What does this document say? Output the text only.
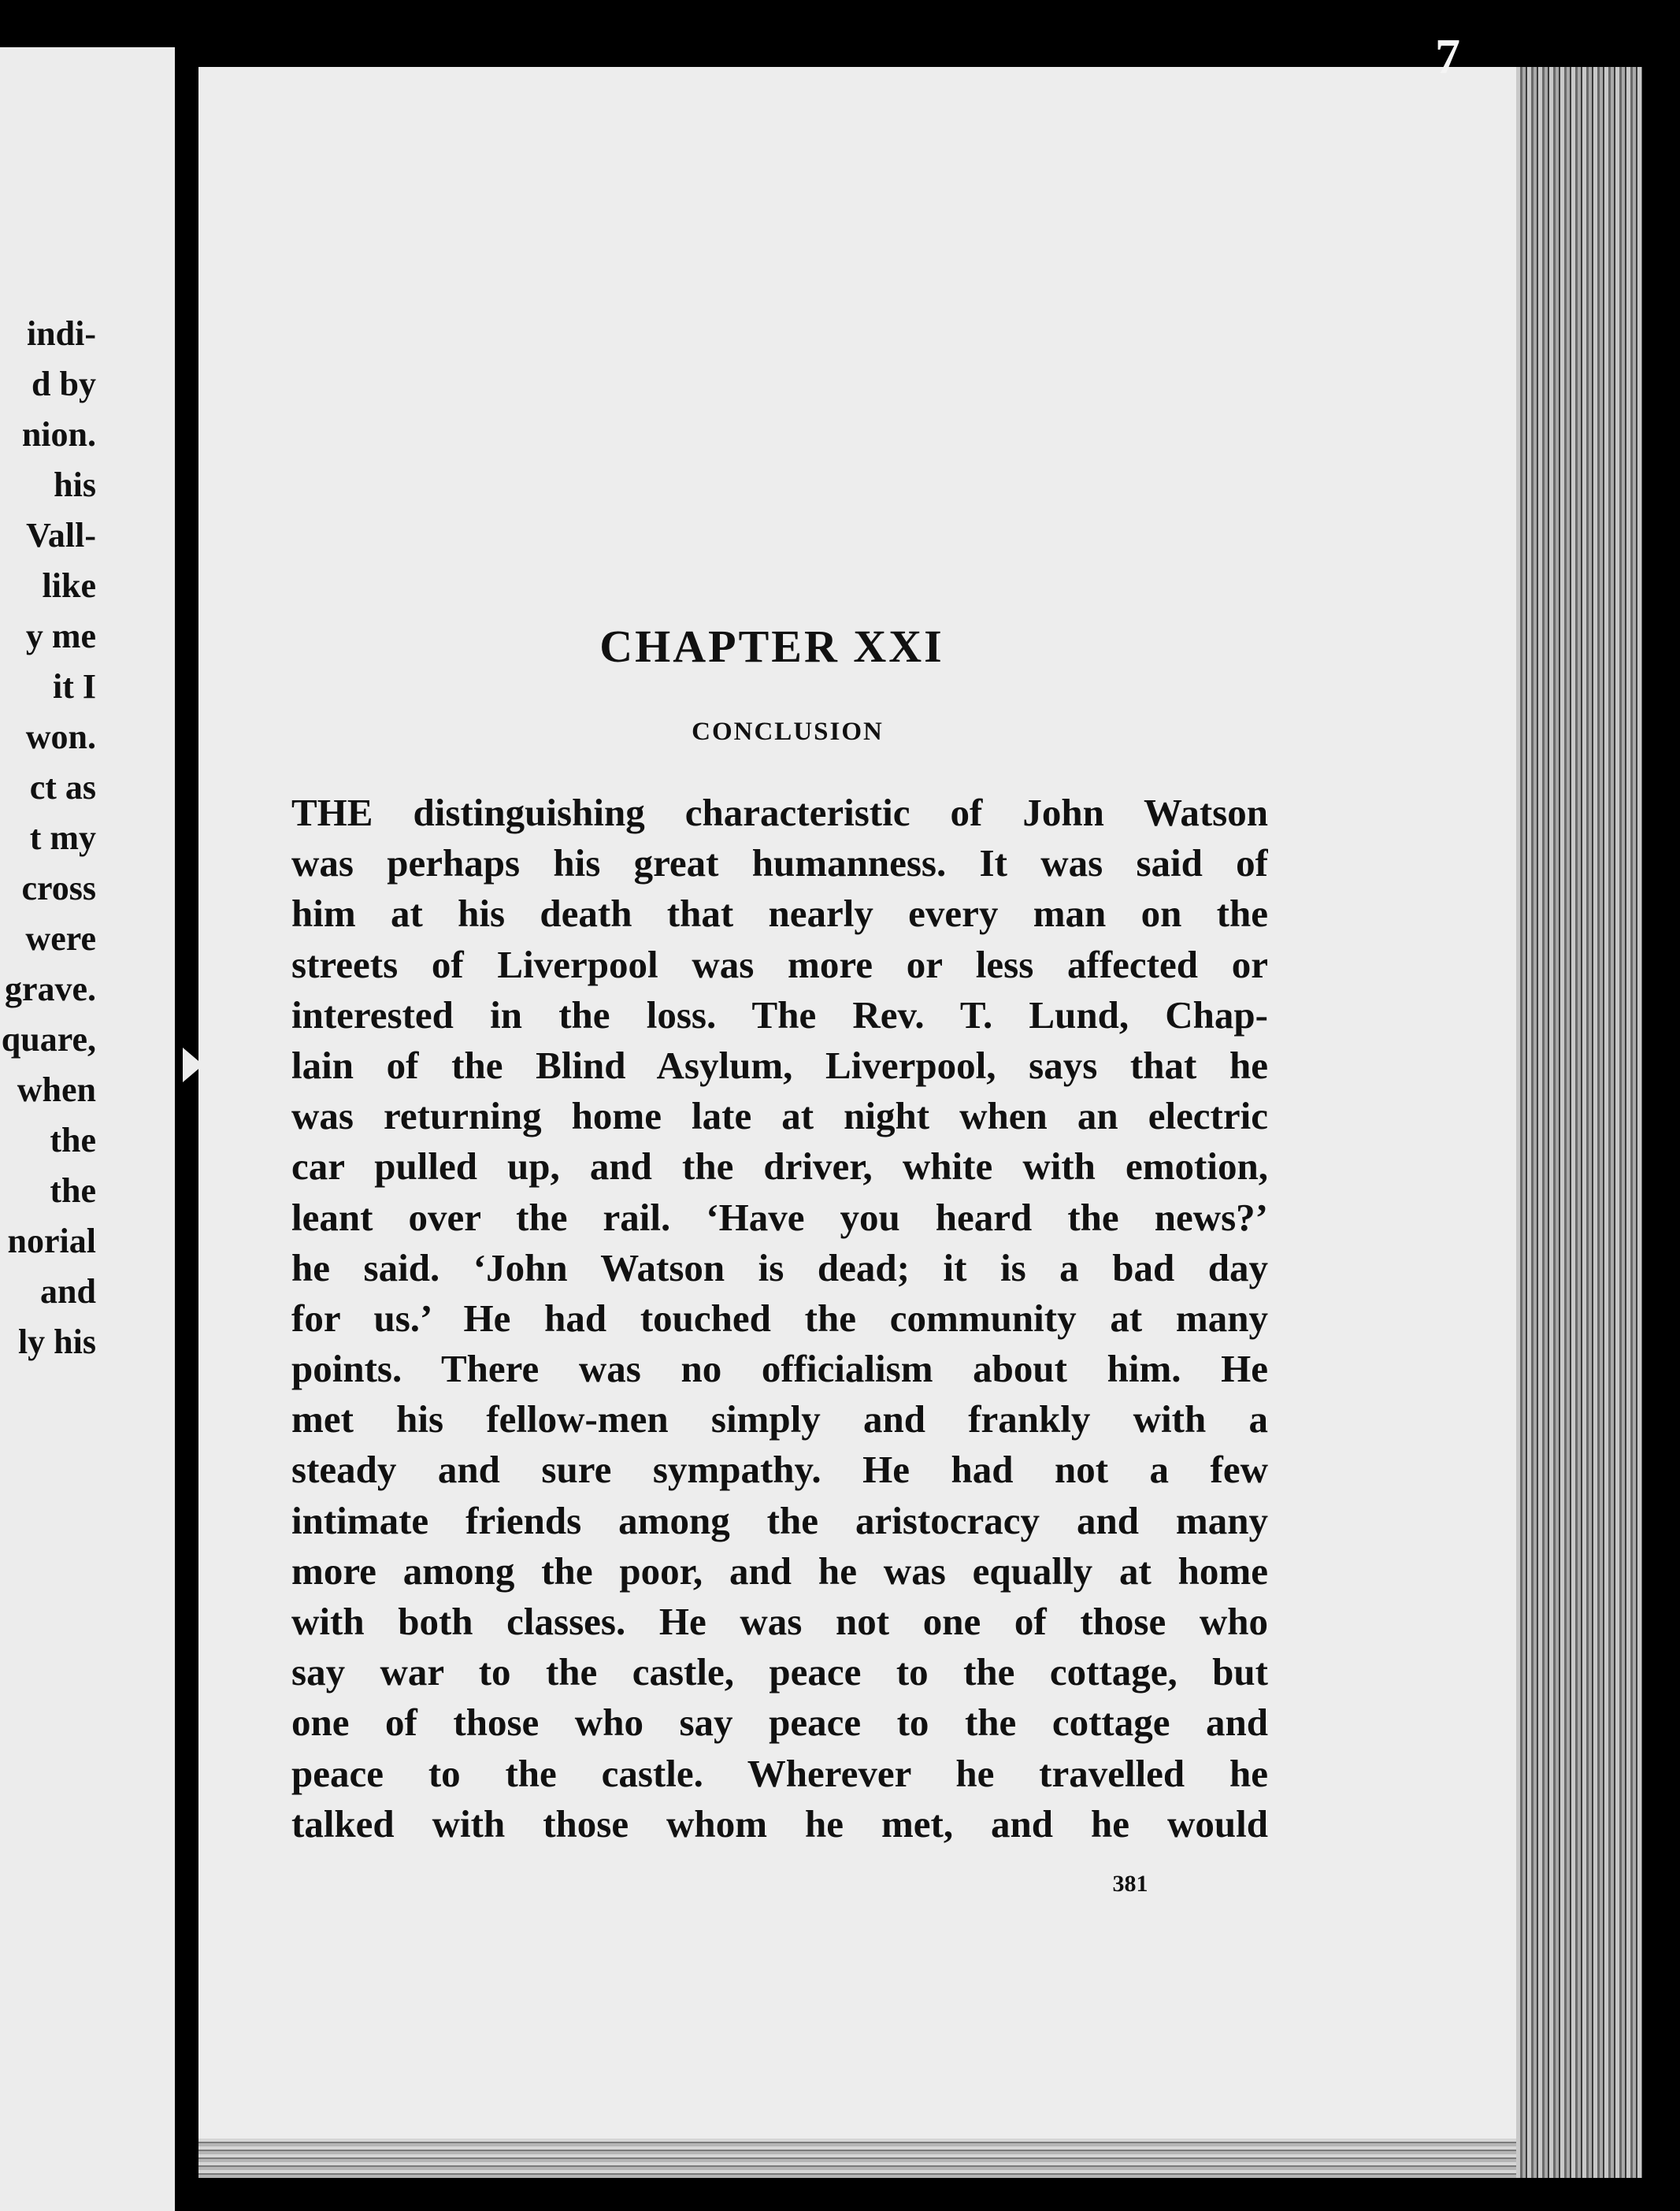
indi-
d by
nion.
his
Vall-
like
y me
it I
won.
ct as
t my
cross
were
grave.
quare,
when
the
the
norial
and
ly his
7
CHAPTER XXI
CONCLUSION
THE distinguishing characteristic of John Watson
was perhaps his great humanness. It was said of
him at his death that nearly every man on the
streets of Liverpool was more or less affected or
interested in the loss. The Rev. T. Lund, Chap-
lain of the Blind Asylum, Liverpool, says that he
was returning home late at night when an electric
car pulled up, and the driver, white with emotion,
leant over the rail. ‘Have you heard the news?’
he said. ‘John Watson is dead; it is a bad day
for us.’ He had touched the community at many
points. There was no officialism about him. He
met his fellow-men simply and frankly with a
steady and sure sympathy. He had not a few
intimate friends among the aristocracy and many
more among the poor, and he was equally at home
with both classes. He was not one of those who
say war to the castle, peace to the cottage, but
one of those who say peace to the cottage and
peace to the castle. Wherever he travelled he
talked with those whom he met, and he would
381
